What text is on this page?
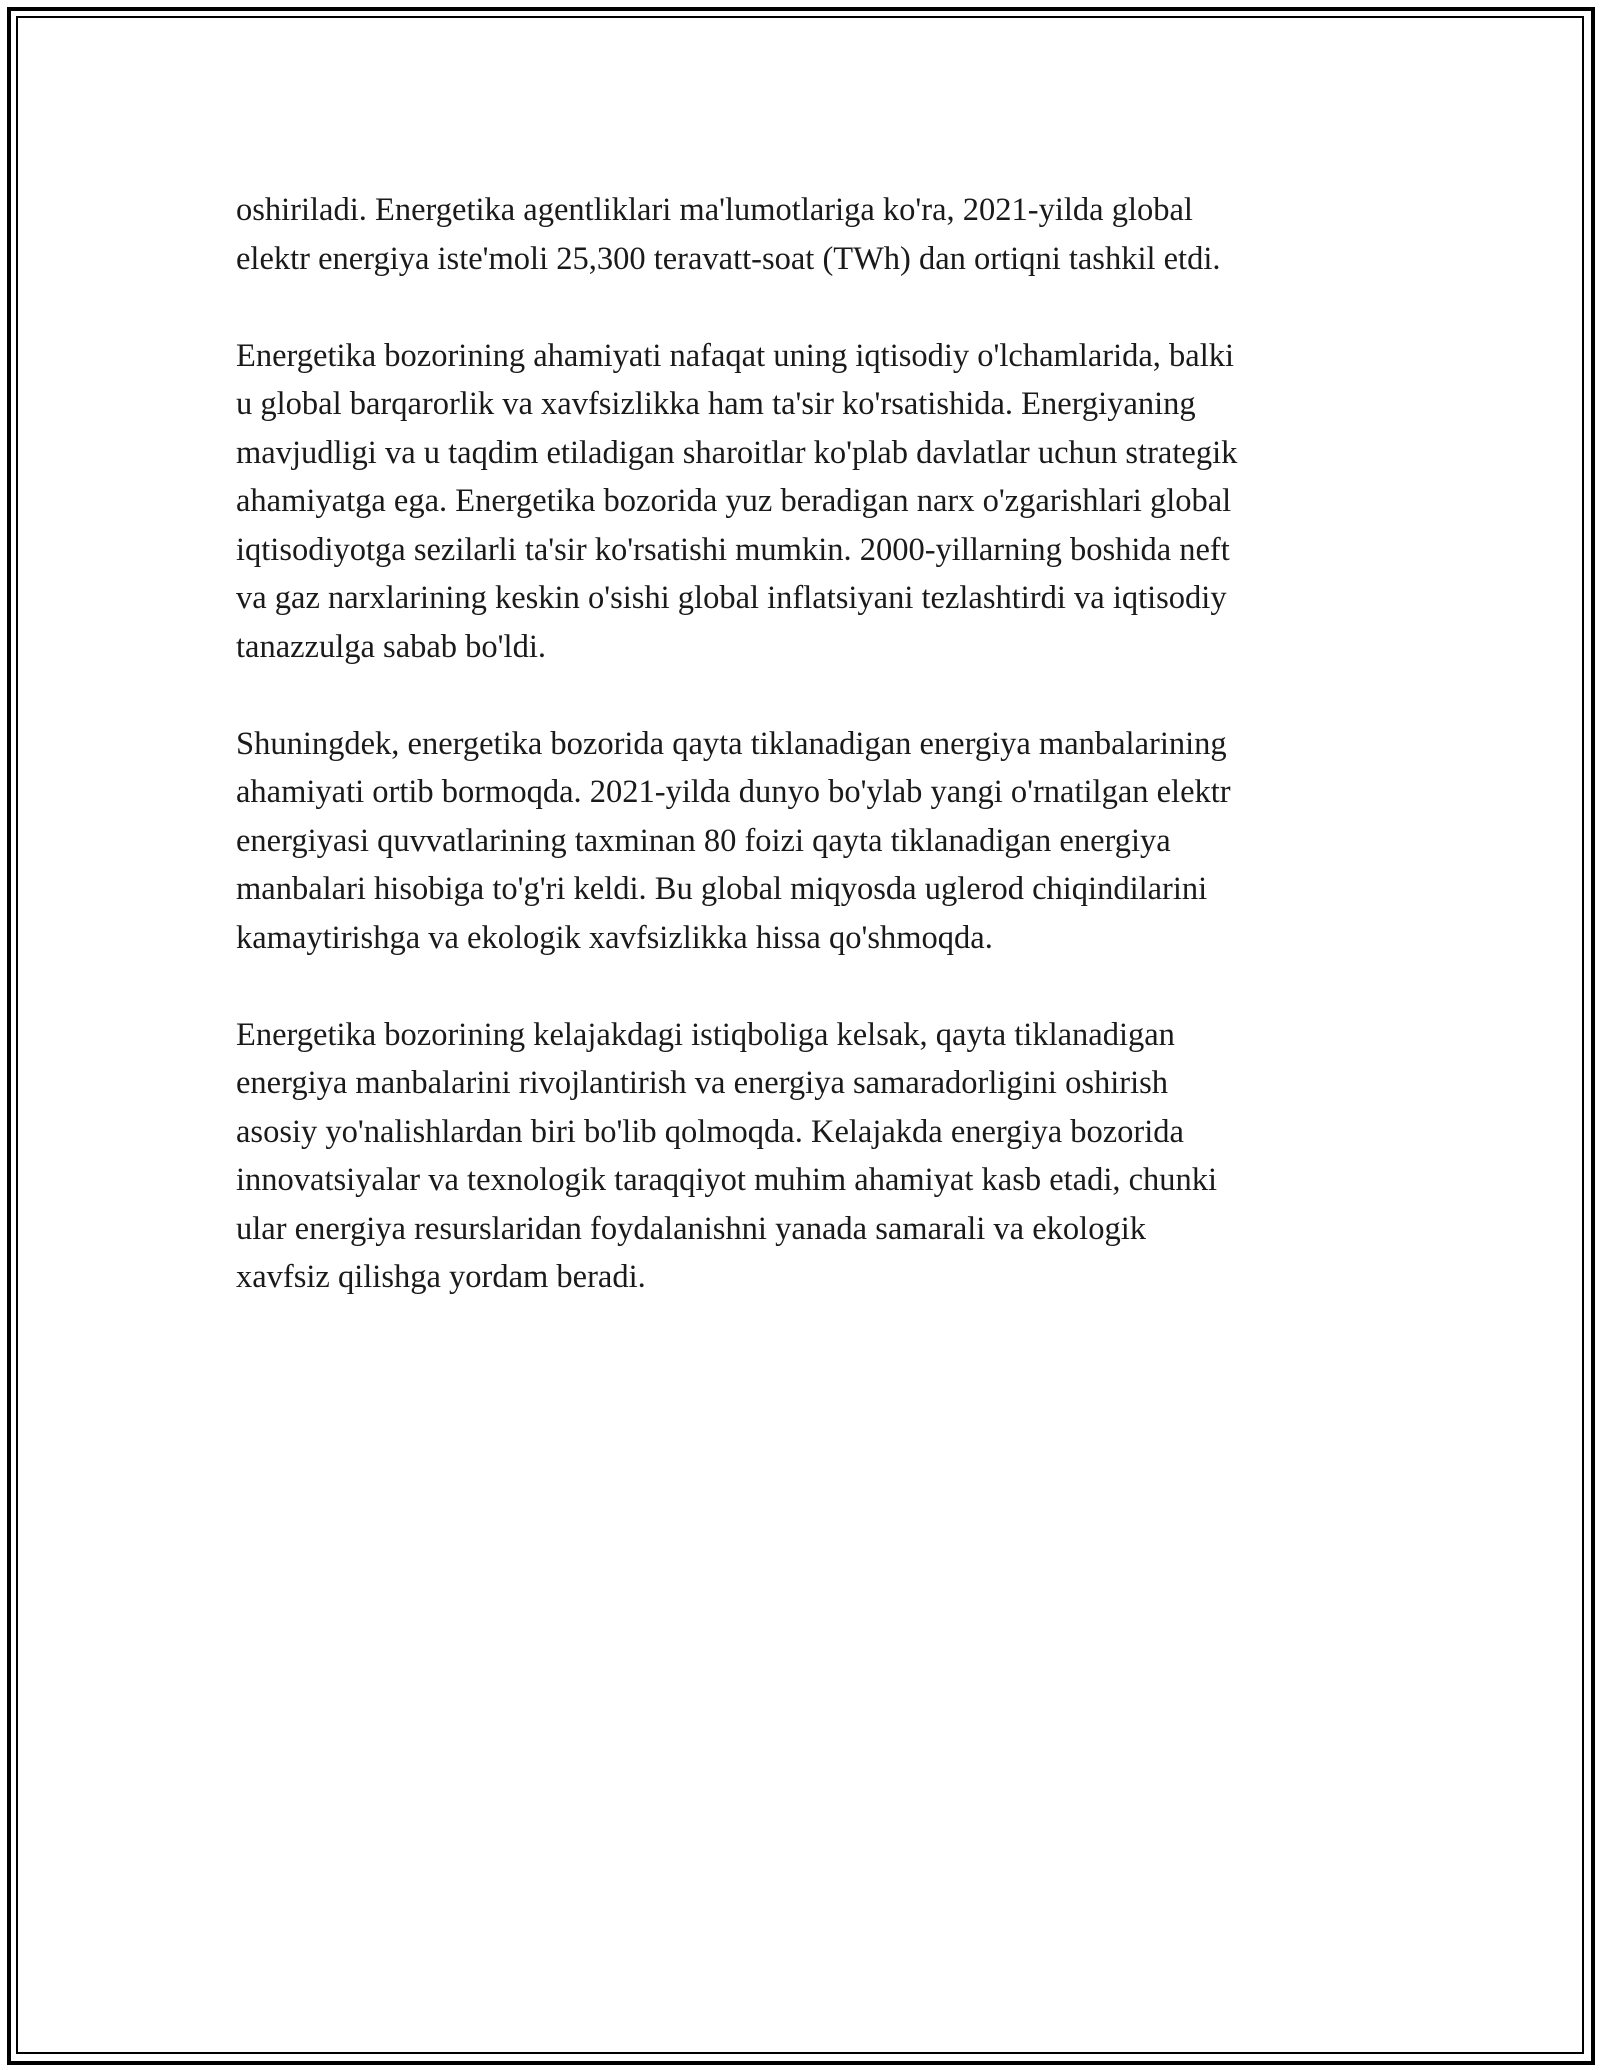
oshiriladi. Energetika agentliklari ma'lumotlariga ko'ra, 2021-yilda global
elektr energiya iste'moli 25,300 teravatt-soat (TWh) dan ortiqni tashkil etdi.

Energetika bozorining ahamiyati nafaqat uning iqtisodiy o'lchamlarida, balki
u global barqarorlik va xavfsizlikka ham ta'sir ko'rsatishida. Energiyaning
mavjudligi va u taqdim etiladigan sharoitlar ko'plab davlatlar uchun strategik
ahamiyatga ega. Energetika bozorida yuz beradigan narx o'zgarishlari global
iqtisodiyotga sezilarli ta'sir ko'rsatishi mumkin. 2000-yillarning boshida neft
va gaz narxlarining keskin o'sishi global inflatsiyani tezlashtirdi va iqtisodiy
tanazzulga sabab bo'ldi.

Shuningdek, energetika bozorida qayta tiklanadigan energiya manbalarining
ahamiyati ortib bormoqda. 2021-yilda dunyo bo'ylab yangi o'rnatilgan elektr
energiyasi quvvatlarining taxminan 80 foizi qayta tiklanadigan energiya
manbalari hisobiga to'g'ri keldi. Bu global miqyosda uglerod chiqindilarini
kamaytirishga va ekologik xavfsizlikka hissa qo'shmoqda.

Energetika bozorining kelajakdagi istiqboliga kelsak, qayta tiklanadigan
energiya manbalarini rivojlantirish va energiya samaradorligini oshirish
asosiy yo'nalishlardan biri bo'lib qolmoqda. Kelajakda energiya bozorida
innovatsiyalar va texnologik taraqqiyot muhim ahamiyat kasb etadi, chunki
ular energiya resurslaridan foydalanishni yanada samarali va ekologik
xavfsiz qilishga yordam beradi.
